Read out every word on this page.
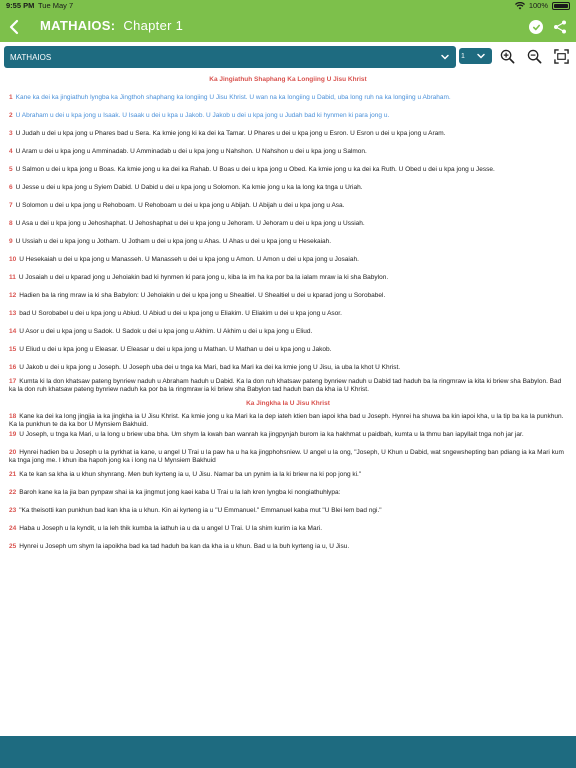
9:55 PM Tue May 7	100%
MATHAIOS: Chapter 1
MATHAIOS	1
Ka Jingiathuh Shaphang Ka Longiing U Jisu Khrist
1 Kane ka dei ka jingiathuh lyngba ka Jingthoh shaphang ka longiing U Jisu Khrist. U wan na ka longiing u Dabid, uba long ruh na ka longiing u Abraham.
2 U Abraham u dei u kpa jong u Isaak. U Isaak u dei u kpa u Jakob. U Jakob u dei u kpa jong u Judah bad ki hynmen ki para jong u.
3 U Judah u dei u kpa jong u Phares bad u Sera. Ka kmie jong ki ka dei ka Tamar. U Phares u dei u kpa jong u Esron. U Esron u dei u kpa jong u Aram.
4 U Aram u dei u kpa jong u Amminadab. U Amminadab u dei u kpa jong u Nahshon. U Nahshon u dei u kpa jong u Salmon.
5 U Salmon u dei u kpa jong u Boas. Ka kmie jong u ka dei ka Rahab. U Boas u dei u kpa jong u Obed. Ka kmie jong u ka dei ka Ruth. U Obed u dei u kpa jong u Jesse.
6 U Jesse u dei u kpa jong u Syiem Dabid. U Dabid u dei u kpa jong u Solomon. Ka kmie jong u ka la long ka tnga u Uriah.
7 U Solomon u dei u kpa jong u Rehoboam. U Rehoboam u dei u kpa jong u Abijah. U Abijah u dei u kpa jong u Asa.
8 U Asa u dei u kpa jong u Jehoshaphat. U Jehoshaphat u dei u kpa jong u Jehoram. U Jehoram u dei u kpa jong u Ussiah.
9 U Ussiah u dei u kpa jong u Jotham. U Jotham u dei u kpa jong u Ahas. U Ahas u dei u kpa jong u Hesekaiah.
10 U Hesekaiah u dei u kpa jong u Manasseh. U Manasseh u dei u kpa jong u Amon. U Amon u dei u kpa jong u Josaiah.
11 U Josaiah u dei u kparad jong u Jehoiakin bad ki hynmen ki para jong u, kiba la im ha ka por ba la ialam mraw ia ki sha Babylon.
12 Hadien ba la ring mraw ia ki sha Babylon: U Jehoiakin u dei u kpa jong u Shealtiel. U Shealtiel u dei u kparad jong u Sorobabel.
13 bad U Sorobabel u dei u kpa jong u Abiud. U Abiud u dei u kpa jong u Eliakim. U Eliakim u dei u kpa jong u Asor.
14 U Asor u dei u kpa jong u Sadok. U Sadok u dei u kpa jong u Akhim. U Akhim u dei u kpa jong u Eliud.
15 U Eliud u dei u kpa jong u Eleasar. U Eleasar u dei u kpa jong u Mathan. U Mathan u dei u kpa jong u Jakob.
16 U Jakob u dei u kpa jong u Joseph. U Joseph uba dei u tnga ka Mari, bad ka Mari ka dei ka kmie jong U Jisu, ia uba la khot U Khrist.
17 Kumta ki la don khatsaw pateng bynriew naduh u Abraham haduh u Dabid. Ka la don ruh khatsaw pateng bynriew naduh u Dabid tad haduh ba la ringmraw ia kita ki briew sha Babylon. Bad ka la don ruh khatsaw pateng bynriew naduh ka por ba la ringmraw ia ki briew sha Babylon tad haduh ban da kha ia U Khrist.
Ka Jingkha Ia U Jisu Khrist
18 Kane ka dei ka long jingjia ia ka jingkha ia U Jisu Khrist. Ka kmie jong u ka Mari ka la dep iateh ktien ban iapoi kha bad u Joseph. Hynrei ha shuwa ba kin iapoi kha, u la tip ba ka la punkhun. Ka la punkhun te da ka bor U Mynsiem Bakhuid.
19 U Joseph, u tnga ka Mari, u la long u briew uba bha. Um shym la kwah ban wanrah ka jingpynjah burom ia ka hakhmat u paidbah, kumta u la thmu ban iapyllait tnga noh jar jar.
20 Hynrei hadien ba u Joseph u la pyrkhat ia kane, u angel U Trai u la paw ha u ha ka jingphohsniew. U angel u la ong, "Joseph, U Khun u Dabid, wat sngewshepting ban pdiang ia ka Mari kum ka tnga jong me. I khun iba hapoh jong ka i long na U Mynsiem Bakhuid
21 Ka te kan sa kha ia u khun shynrang. Men buh kyrteng ia u, U Jisu. Namar ba un pynim ia la ki briew na ki pop jong ki."
22 Baroh kane ka la jia ban pynpaw shai ia ka jingmut jong kaei kaba U Trai u la lah kren lyngba ki nongiathuhlypa:
23 "Ka theisotti kan punkhun bad kan kha ia u khun. Kin ai kyrteng ia u "U Emmanuel." Emmanuel kaba mut "U Blei lem bad ngi."
24 Haba u Joseph u la kyndit, u la leh thik kumba la iathuh ia u da u angel U Trai. U la shim kurim ia ka Mari.
25 Hynrei u Joseph um shym la iapoikha bad ka tad haduh ba kan da kha ia u khun. Bad u la buh kyrteng ia u, U Jisu.
